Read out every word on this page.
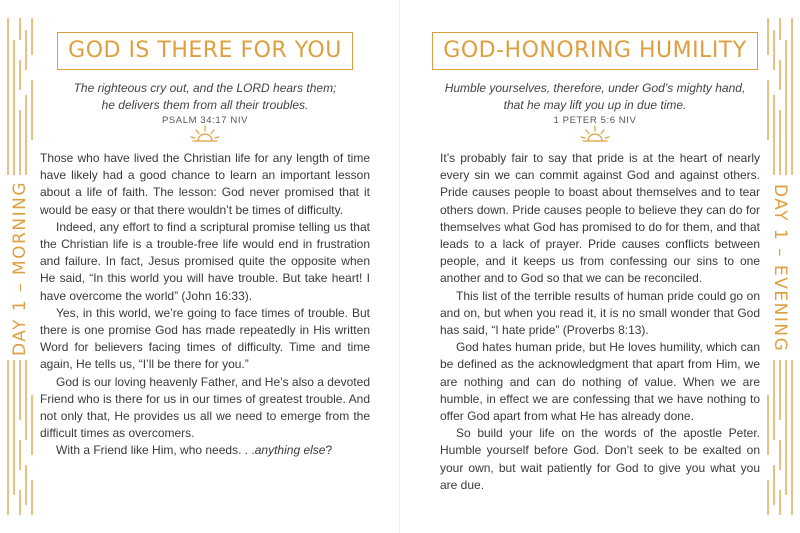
DAY 1 – MORNING
GOD IS THERE FOR YOU
The righteous cry out, and the LORD hears them;
he delivers them from all their troubles.
PSALM 34:17 NIV

Those who have lived the Christian life for any length of time have likely had a good chance to learn an important lesson about a life of faith. The lesson: God never promised that it would be easy or that there wouldn’t be times of difficulty.

Indeed, any effort to find a scriptural promise telling us that the Christian life is a trouble-free life would end in frustration and failure. In fact, Jesus promised quite the opposite when He said, “In this world you will have trouble. But take heart! I have overcome the world” (John 16:33).

Yes, in this world, we’re going to face times of trouble. But there is one promise God has made repeatedly in His written Word for believers facing times of difficulty. Time and time again, He tells us, “I’ll be there for you.”

God is our loving heavenly Father, and He’s also a devoted Friend who is there for us in our times of greatest trouble. And not only that, He provides us all we need to emerge from the difficult times as overcomers.

With a Friend like Him, who needs. . .anything else?

DAY 1 – EVENING
GOD-HONORING HUMILITY
Humble yourselves, therefore, under God’s mighty hand,
that he may lift you up in due time.
1 PETER 5:6 NIV

It’s probably fair to say that pride is at the heart of nearly every sin we can commit against God and against others. Pride causes people to boast about themselves and to tear others down. Pride causes people to believe they can do for themselves what God has promised to do for them, and that leads to a lack of prayer. Pride causes conflicts between people, and it keeps us from confessing our sins to one another and to God so that we can be reconciled.

This list of the terrible results of human pride could go on and on, but when you read it, it is no small wonder that God has said, “I hate pride” (Proverbs 8:13).

God hates human pride, but He loves humility, which can be defined as the acknowledgment that apart from Him, we are nothing and can do nothing of value. When we are humble, in effect we are confessing that we have nothing to offer God apart from what He has already done.

So build your life on the words of the apostle Peter. Humble yourself before God. Don’t seek to be exalted on your own, but wait patiently for God to give you what you are due.
